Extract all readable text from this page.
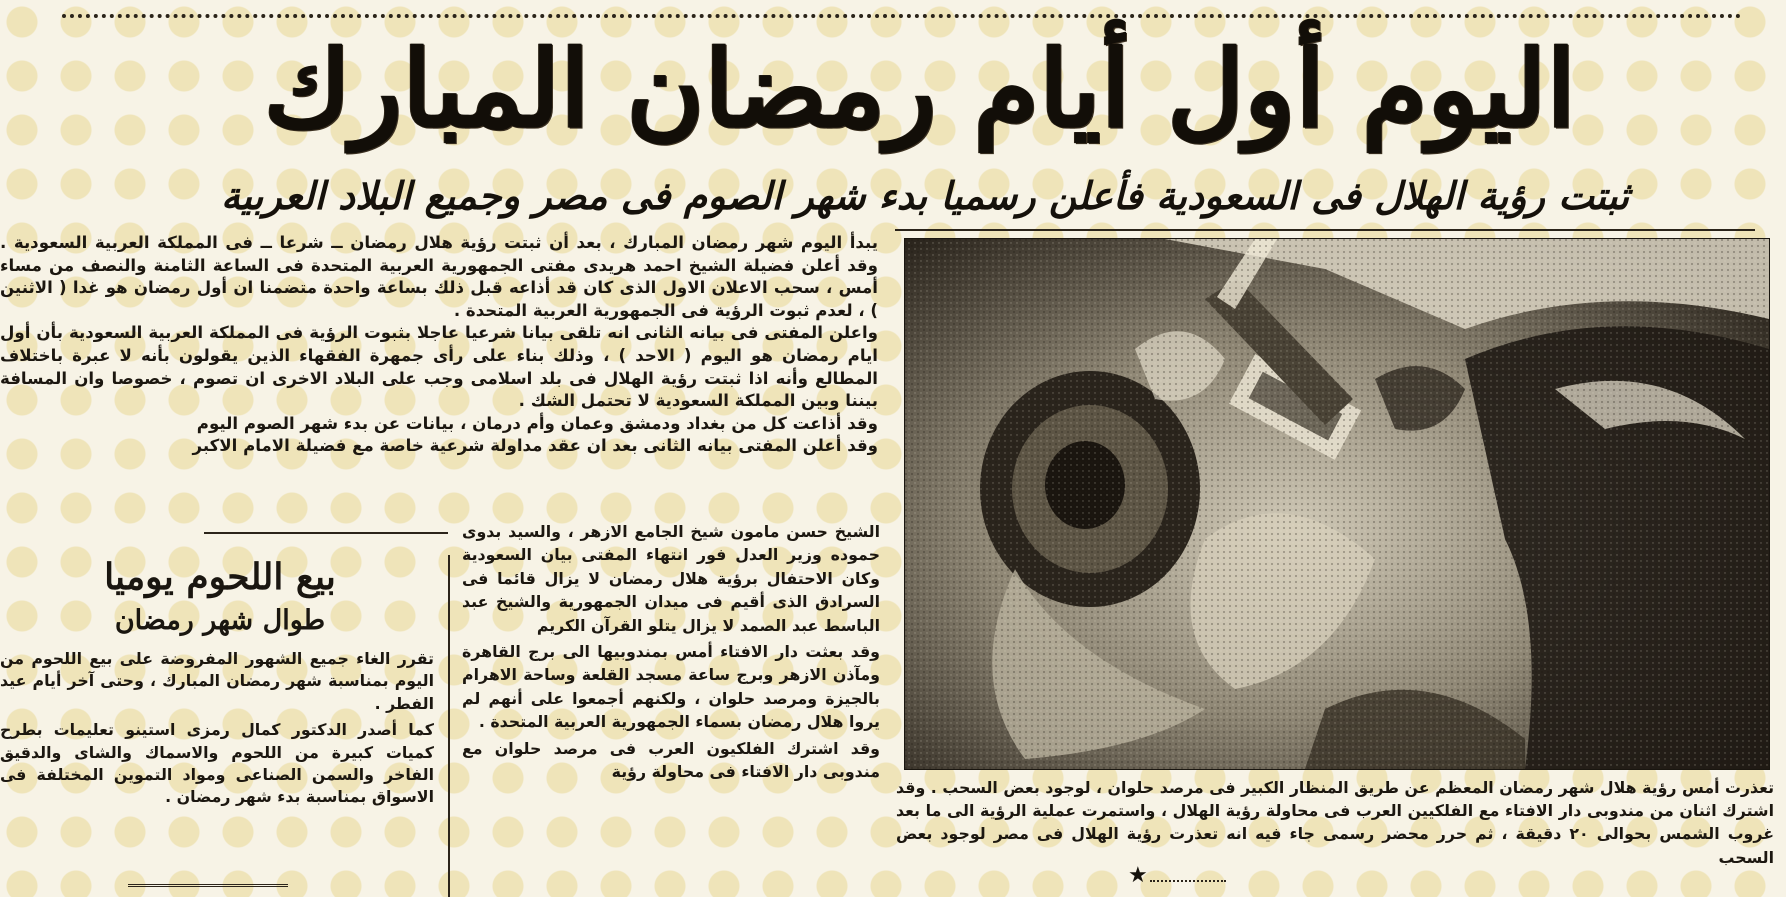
اليوم أول أيام رمضان المبارك
ثبتت رؤية الهلال فى السعودية فأعلن رسميا بدء شهر الصوم فى مصر وجميع البلاد العربية

يبدأ اليوم شهر رمضان المبارك ، بعد أن ثبتت رؤية هلال رمضان ــ شرعا ــ فى المملكة العربية السعودية . وقد أعلن فضيلة الشيخ احمد هريدى مفتى الجمهورية العربية المتحدة فى الساعة الثامنة والنصف من مساء أمس ، سحب الاعلان الاول الذى كان قد أذاعه قبل ذلك بساعة واحدة متضمنا ان أول رمضان هو غدا ( الاثنين ) ، لعدم ثبوت الرؤية فى الجمهورية العربية المتحدة .

واعلن المفتى فى بيانه الثانى انه تلقى بيانا شرعيا عاجلا بثبوت الرؤية فى المملكة العربية السعودية بأن أول ايام رمضان هو اليوم ( الاحد ) ، وذلك بناء على رأى جمهرة الفقهاء الذين يقولون بأنه لا عبرة باختلاف المطالع وأنه اذا ثبتت رؤية الهلال فى بلد اسلامى وجب على البلاد الاخرى ان تصوم ، خصوصا وان المسافة بيننا وبين المملكة السعودية لا تحتمل الشك .

وقد أذاعت كل من بغداد ودمشق وعمان وأم درمان ، بيانات عن بدء شهر الصوم اليوم

وقد أعلن المفتى بيانه الثانى بعد ان عقد مداولة شرعية خاصة مع فضيلة الامام الاكبر

الشيخ حسن مامون شيخ الجامع الازهر ، والسيد بدوى حموده وزير العدل فور انتهاء المفتى بيان السعودية وكان الاحتفال برؤية هلال رمضان لا يزال قائما فى السرادق الذى أقيم فى ميدان الجمهورية والشيخ عبد الباسط عبد الصمد لا يزال يتلو القرآن الكريم

وقد بعثت دار الافتاء أمس بمندوبيها الى برج القاهرة ومآذن الازهر وبرج ساعة مسجد القلعة وساحة الاهرام بالجيزة ومرصد حلوان ، ولكنهم أجمعوا على أنهم لم يروا هلال رمضان بسماء الجمهورية العربية المتحدة .

وقد اشترك الفلكيون العرب فى مرصد حلوان مع مندوبى دار الافتاء فى محاولة رؤية

بيع اللحوم يوميا
طوال شهر رمضان

تقرر الغاء جميع الشهور المفروضة على بيع اللحوم من اليوم بمناسبة شهر رمضان المبارك ، وحتى آخر أيام عيد الفطر .

كما أصدر الدكتور كمال رمزى استينو تعليمات بطرح كميات كبيرة من اللحوم والاسماك والشاى والدقيق الفاخر والسمن الصناعى ومواد التموين المختلفة فى الاسواق بمناسبة بدء شهر رمضان .	تعذرت أمس رؤية هلال شهر رمضان المعظم عن طريق المنظار الكبير فى مرصد حلوان ، لوجود بعض السحب . وقد اشترك اثنان من مندوبى دار الافتاء مع الفلكيين العرب فى محاولة رؤية الهلال ، واستمرت عملية الرؤية الى ما بعد غروب الشمس بحوالى ٢٠ دقيقة ، ثم حرر محضر رسمى جاء فيه انه تعذرت رؤية الهلال فى مصر لوجود بعض السحب
★
